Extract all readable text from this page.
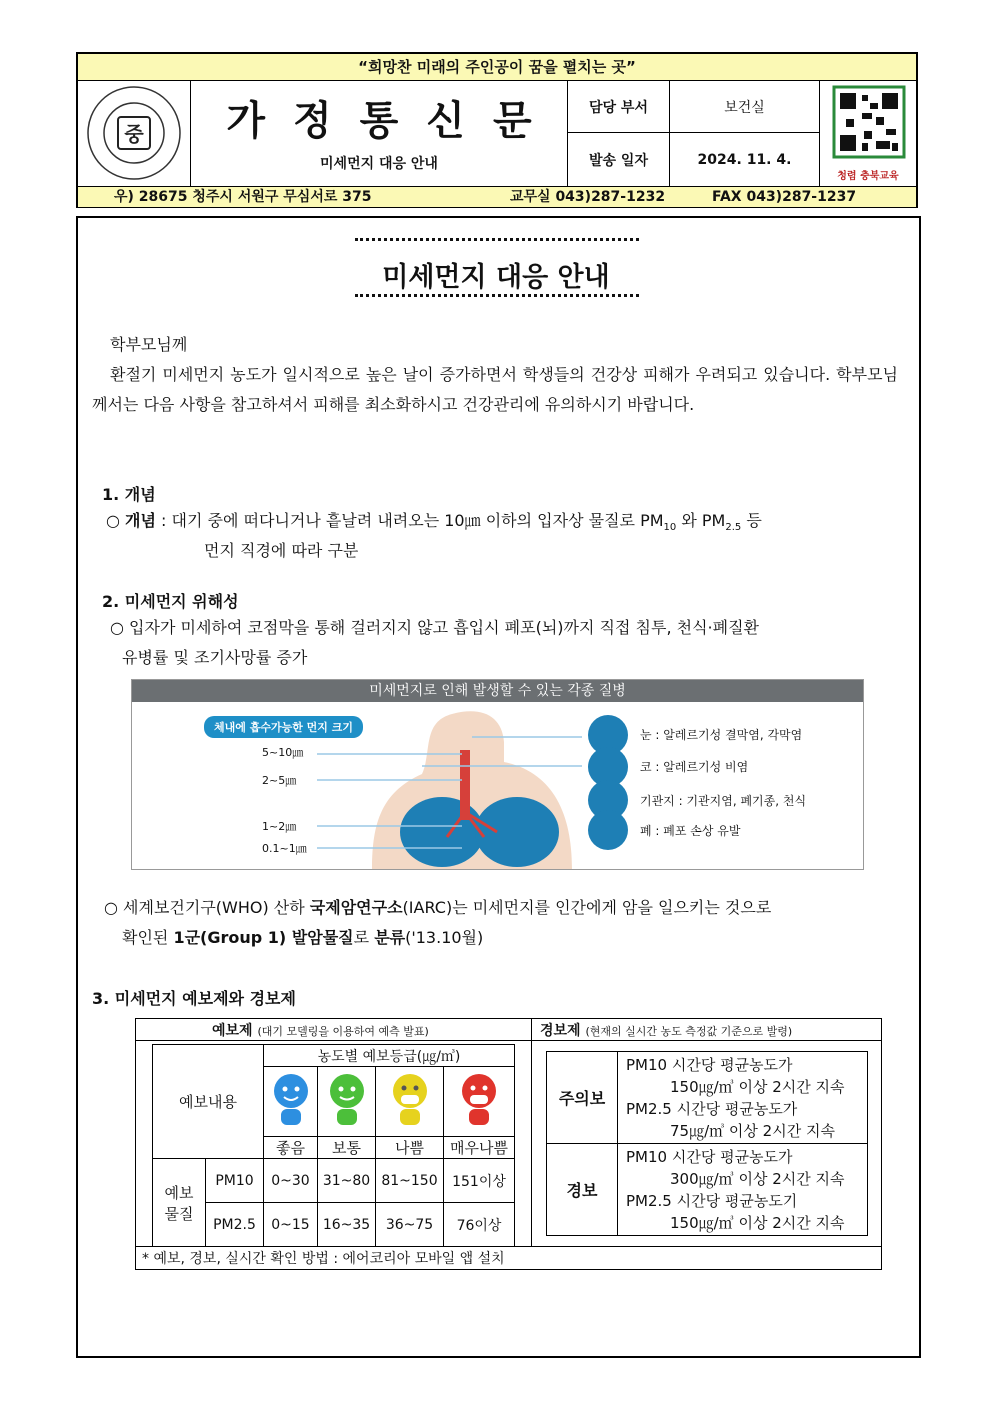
“희망찬 미래의 주인공이 꿈을 펼치는 곳”
중	가정통신문
미세먼지 대응 안내
담당 부서	보건실
발송 일자	2024. 11. 4.
청렴 충북교육
우) 28675 청주시 서원구 무심서로 375	교무실 043)287-1232	FAX 043)287-1237
미세먼지 대응 안내
학부모님께
환절기 미세먼지 농도가 일시적으로 높은 날이 증가하면서 학생들의 건강상 피해가 우려되고 있습니다. 학부모님께서는 다음 사항을 참고하셔서 피해를 최소화하시고 건강관리에 유의하시기 바랍니다.
1. 개념
○ 개념 : 대기 중에 떠다니거나 흩날려 내려오는 10㎛ 이하의 입자상 물질로 $PM_{10}$ 와 $PM_{2.5}$ 등
먼지 직경에 따라 구분
2. 미세먼지 위해성
○ 입자가 미세하여 코점막을 통해 걸러지지 않고 흡입시 폐포(뇌)까지 직접 침투, 천식·폐질환
유병률 및 조기사망률 증가
미세먼지로 인해 발생할 수 있는 각종 질병
체내에 흡수가능한 먼지 크기
5~10㎛
2~5㎛
1~2㎛
0.1~1㎛
눈 : 알레르기성 결막염, 각막염
코 : 알레르기성 비염
기관지 : 기관지염, 폐기종, 천식
폐 : 폐포 손상 유발
○ 세계보건기구(WHO) 산하 국제암연구소(IARC)는 미세먼지를 인간에게 암을 일으키는 것으로
확인된 1군(Group 1) 발암물질로 분류('13.10월)
3. 미세먼지 예보제와 경보제
예보제 (대기 모델링을 이용하여 예측 발표)	경보제 (현재의 실시간 농도 측정값 기준으로 발령)
예보내용		농도별 예보등급(㎍/㎥)			

		좋음	보통	나쁨	매우나쁨
예보
물질	PM10	0~30	31~80	81~150	151이상
	PM2.5	0~15	16~35	36~75	76이상
주의보	PM10 시간당 평균농도가
150㎍/㎥ 이상 2시간 지속
PM2.5 시간당 평균농도가
75㎍/㎥ 이상 2시간 지속

경보	PM10 시간당 평균농도가
300㎍/㎥ 이상 2시간 지속
PM2.5 시간당 평균농도기
150㎍/㎥ 이상 2시간 지속
* 예보, 경보, 실시간 확인 방법 : 에어코리아 모바일 앱 설치
